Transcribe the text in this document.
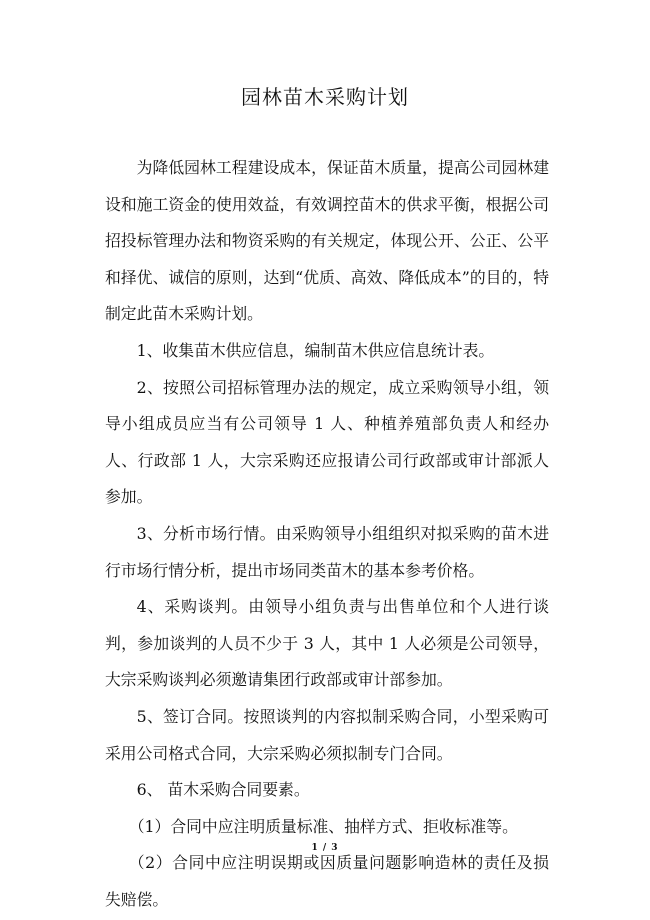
园林苗木采购计划

为降低园林工程建设成本，保证苗木质量，提高公司园林建设和施工资金的使用效益，有效调控苗木的供求平衡，根据公司招投标管理办法和物资采购的有关规定，体现公开、公正、公平和择优、诚信的原则，达到“优质、高效、降低成本”的目的，特制定此苗木采购计划。

1、收集苗木供应信息，编制苗木供应信息统计表。

2、按照公司招标管理办法的规定，成立采购领导小组，领导小组成员应当有公司领导 1 人、种植养殖部负责人和经办人、行政部 1 人，大宗采购还应报请公司行政部或审计部派人参加。

3、分析市场行情。由采购领导小组组织对拟采购的苗木进行市场行情分析，提出市场同类苗木的基本参考价格。

4、采购谈判。由领导小组负责与出售单位和个人进行谈判，参加谈判的人员不少于 3 人，其中 1 人必须是公司领导，大宗采购谈判必须邀请集团行政部或审计部参加。

5、签订合同。按照谈判的内容拟制采购合同，小型采购可采用公司格式合同，大宗采购必须拟制专门合同。

6、 苗木采购合同要素。

（1）合同中应注明质量标准、抽样方式、拒收标准等。

（2）合同中应注明误期或因质量问题影响造林的责任及损失赔偿。

1 / 3
